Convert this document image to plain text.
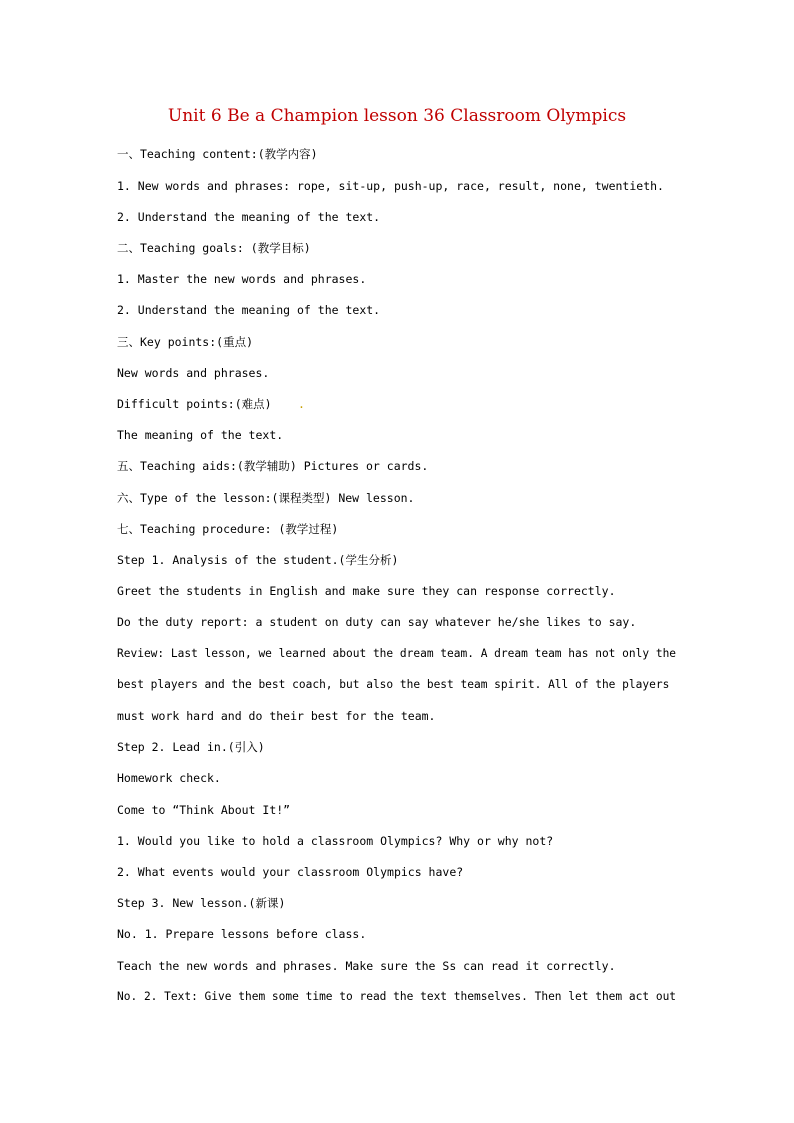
Unit 6 Be a Champion lesson 36 Classroom Olympics
一、Teaching content:(教学内容)
1. New words and phrases: rope, sit-up, push-up, race, result, none, twentieth.
2. Understand the meaning of the text.
二、Teaching goals: (教学目标)
1. Master the new words and phrases.
2. Understand the meaning of the text.
三、Key points:(重点)
New words and phrases.
Difficult points:(难点) .
The meaning of the text.
五、Teaching aids:(教学辅助) Pictures or cards.
六、Type of the lesson:(课程类型) New lesson.
七、Teaching procedure: (教学过程)
Step 1. Analysis of the student.(学生分析)
Greet the students in English and make sure they can response correctly.
Do the duty report: a student on duty can say whatever he/she likes to say.
Review: Last lesson, we learned about the dream team. A dream team has not only the
best players and the best coach, but also the best team spirit. All of the players
must work hard and do their best for the team.
Step 2. Lead in.(引入)
Homework check.
Come to “Think About It!”
1. Would you like to hold a classroom Olympics? Why or why not?
2. What events would your classroom Olympics have?
Step 3. New lesson.(新课)
No. 1. Prepare lessons before class.
Teach the new words and phrases. Make sure the Ss can read it correctly.
No. 2. Text: Give them some time to read the text themselves. Then let them act out
